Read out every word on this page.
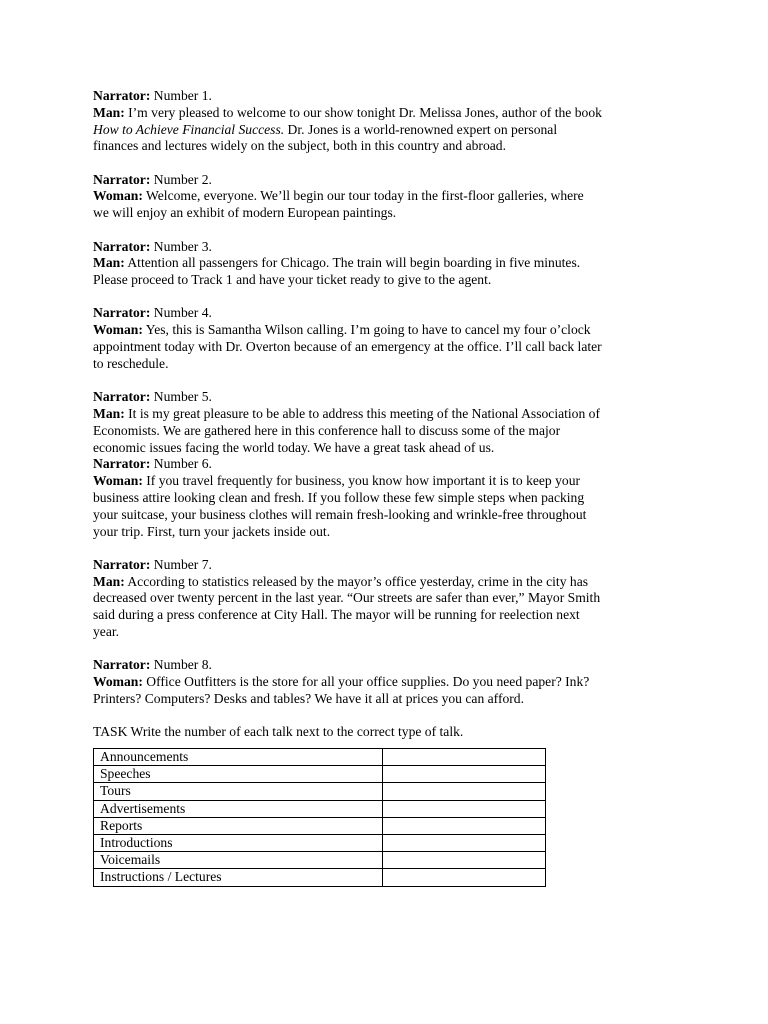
Narrator: Number 1.
Man: I’m very pleased to welcome to our show tonight Dr. Melissa Jones, author of the book
How to Achieve Financial Success. Dr. Jones is a world-renowned expert on personal
finances and lectures widely on the subject, both in this country and abroad.
Narrator: Number 2.
Woman: Welcome, everyone. We’ll begin our tour today in the first-floor galleries, where
we will enjoy an exhibit of modern European paintings.
Narrator: Number 3.
Man: Attention all passengers for Chicago. The train will begin boarding in five minutes.
Please proceed to Track 1 and have your ticket ready to give to the agent.
Narrator: Number 4.
Woman: Yes, this is Samantha Wilson calling. I’m going to have to cancel my four o’clock
appointment today with Dr. Overton because of an emergency at the office. I’ll call back later
to reschedule.
Narrator: Number 5.
Man: It is my great pleasure to be able to address this meeting of the National Association of
Economists. We are gathered here in this conference hall to discuss some of the major
economic issues facing the world today. We have a great task ahead of us.
Narrator: Number 6.
Woman: If you travel frequently for business, you know how important it is to keep your
business attire looking clean and fresh. If you follow these few simple steps when packing
your suitcase, your business clothes will remain fresh-looking and wrinkle-free throughout
your trip. First, turn your jackets inside out.
Narrator: Number 7.
Man: According to statistics released by the mayor’s office yesterday, crime in the city has
decreased over twenty percent in the last year. “Our streets are safer than ever,” Mayor Smith
said during a press conference at City Hall. The mayor will be running for reelection next
year.
Narrator: Number 8.
Woman: Office Outfitters is the store for all your office supplies. Do you need paper? Ink?
Printers? Computers? Desks and tables? We have it all at prices you can afford.
TASK Write the number of each talk next to the correct type of talk.
Announcements	
Speeches	
Tours	
Advertisements	
Reports	
Introductions	
Voicemails	
Instructions / Lectures	
